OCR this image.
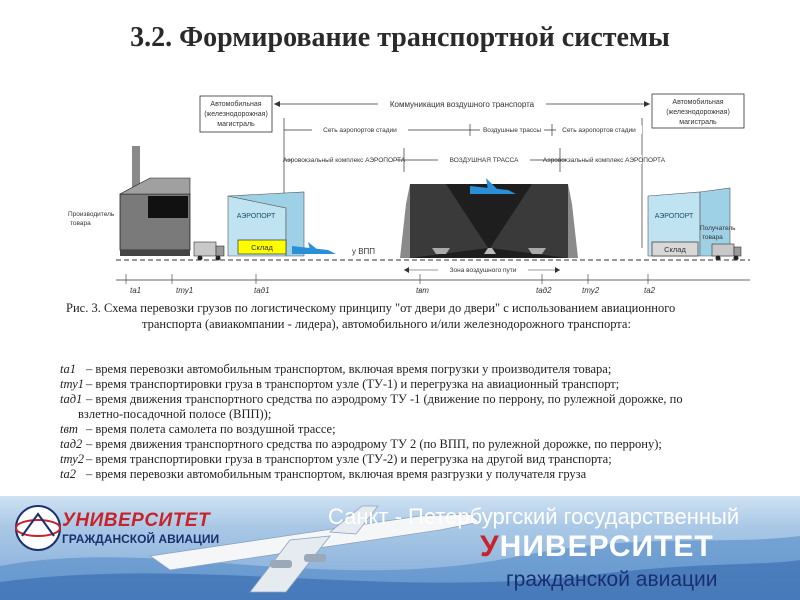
3.2. Формирование транспортной системы
Автомобильная
(железнодорожная)
магистраль
Автомобильная
(железнодорожная)
магистраль
Коммуникация воздушного транспорта
Сеть аэропортов стадии	Воздушные трассы	Сеть аэропортов стадии
Аэровокзальный комплекс АЭРОПОРТА	ВОЗДУШНАЯ ТРАССА	Аэровокзальный комплекс АЭРОПОРТА
Производитель
товара
АЭРОПОРТ
Склад	у ВПП
АЭРОПОРТ
Склад
Получатель
товара
Зона воздушного пути
tа1	tту1	tад1	tвт	tад2	tту2	tа2
Рис. 3. Схема перевозки грузов по логистическому принципу "от двери до двери" с использованием авиационного
транспорта (авиакомпании - лидера), автомобильного и/или железнодорожного транспорта:
tа1 – время перевозки автомобильным транспортом, включая время погрузки у производителя товара;
tту1 – время транспортировки груза в транспортом узле (ТУ-1) и перегрузка на авиационный транспорт;
tад1 – время движения транспортного средства по аэродрому ТУ -1 (движение по перрону, по рулежной дорожке, по
взлетно-посадочной полосе (ВПП));
tвт – время полета самолета по воздушной трассе;
tад2 – время движения транспортного средства по аэродрому ТУ 2 (по ВПП, по рулежной дорожке, по перрону);
tту2 – время транспортировки груза в транспортом узле (ТУ-2) и перегрузка на другой вид транспорта;
tа2 – время перевозки автомобильным транспортом, включая время разгрузки у получателя груза
УНИВЕРСИТЕТ
ГРАЖДАНСКОЙ АВИАЦИИ
Санкт - Петербургский государственный
УНИВЕРСИТЕТ
гражданской авиации
